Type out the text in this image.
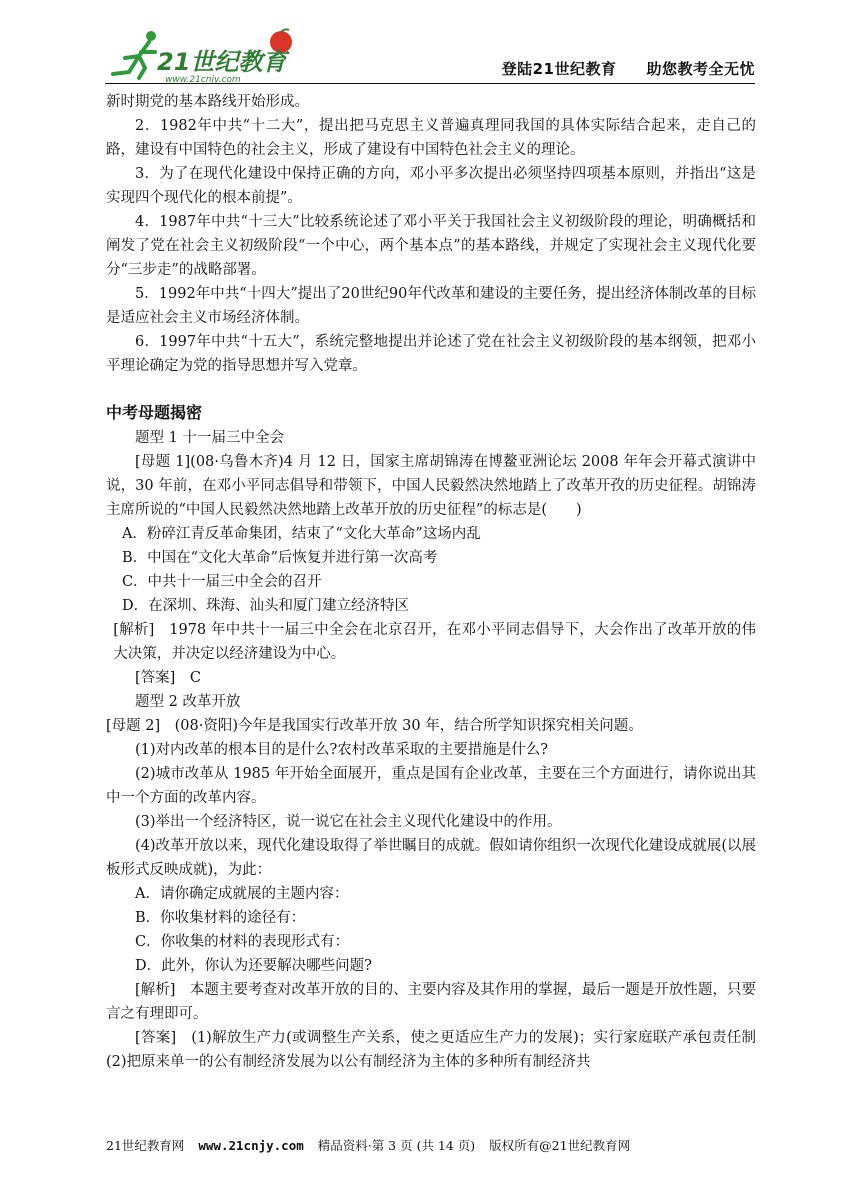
21世纪教育
www.21cnjy.com
登陆21世纪教育 助您教考全无忧

新时期党的基本路线开始形成。

2．1982年中共“十二大”，提出把马克思主义普遍真理同我国的具体实际结合起来，走自己的路，建设有中国特色的社会主义，形成了建设有中国特色社会主义的理论。

3．为了在现代化建设中保持正确的方向，邓小平多次提出必须坚持四项基本原则，并指出“这是实现四个现代化的根本前提”。

4．1987年中共“十三大”比较系统论述了邓小平关于我国社会主义初级阶段的理论，明确概括和阐发了党在社会主义初级阶段“一个中心，两个基本点”的基本路线，并规定了实现社会主义现代化要分“三步走”的战略部署。

5．1992年中共“十四大”提出了20世纪90年代改革和建设的主要任务，提出经济体制改革的目标是适应社会主义市场经济体制。

6．1997年中共“十五大”，系统完整地提出并论述了党在社会主义初级阶段的基本纲领，把邓小平理论确定为党的指导思想并写入党章。

中考母题揭密

题型 1 十一届三中全会

[母题 1](08·乌鲁木齐)4 月 12 日，国家主席胡锦涛在博鳌亚洲论坛 2008 年年会开幕式演讲中说，30 年前，在邓小平同志倡导和带领下，中国人民毅然决然地踏上了改革开孜的历史征程。胡锦涛主席所说的“中国人民毅然决然地踏上改革开放的历史征程”的标志是(　　)

A．粉碎江青反革命集团，结束了“文化大革命”这场内乱

B．中国在“文化大革命”后恢复并进行第一次高考

C．中共十一届三中全会的召开

D．在深圳、珠海、汕头和厦门建立经济特区

[解析]　1978 年中共十一届三中全会在北京召开，在邓小平同志倡导下，大会作出了改革开放的伟大决策，并决定以经济建设为中心。

[答案]　C

题型 2 改革开放

[母题 2]　(08·资阳)今年是我国实行改革开放 30 年，结合所学知识探究相关问题。

(1)对内改革的根本目的是什么?农村改革采取的主要措施是什么?

(2)城市改革从 1985 年开始全面展开，重点是国有企业改革，主要在三个方面进行，请你说出其中一个方面的改革内容。

(3)举出一个经济特区，说一说它在社会主义现代化建设中的作用。

(4)改革开放以来，现代化建设取得了举世瞩目的成就。假如请你组织一次现代化建设成就展(以展板形式反映成就)，为此：

A．请你确定成就展的主题内容：

B．你收集材料的途径有：

C．你收集的材料的表现形式有：

D．此外，你认为还要解决哪些问题?

[解析]　本题主要考查对改革开放的目的、主要内容及其作用的掌握，最后一题是开放性题，只要言之有理即可。

[答案]　(1)解放生产力(或调整生产关系，使之更适应生产力的发展)；实行家庭联产承包责任制　(2)把原来单一的公有制经济发展为以公有制经济为主体的多种所有制经济共

21世纪教育网 www.21cnjy.com 精品资料·第 3 页 (共 14 页) 版权所有@21世纪教育网
